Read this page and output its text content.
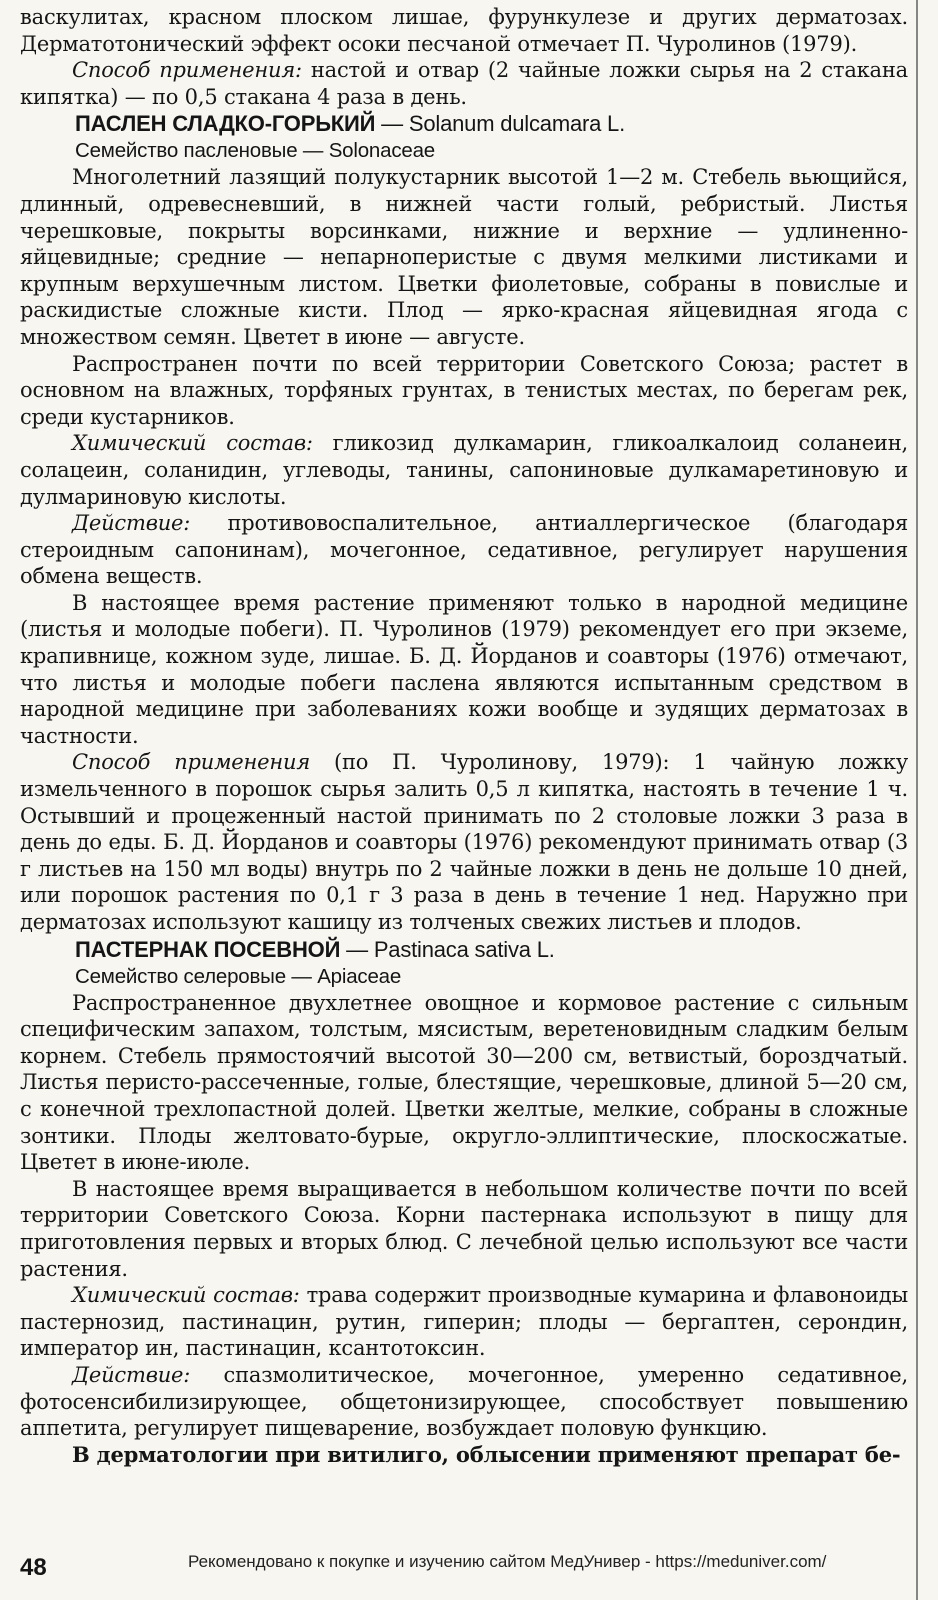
васкулитах, красном плоском лишае, фурункулезе и других дерматозах. Дерматотонический эффект осоки песчаной отмечает П. Чуролинов (1979).

Способ применения: настой и отвар (2 чайные ложки сырья на 2 стакана кипятка) — по 0,5 стакана 4 раза в день.

ПАСЛЕН СЛАДКО-ГОРЬКИЙ — Solanum dulcamara L.

Семейство пасленовые — Solonaceae

Многолетний лазящий полукустарник высотой 1—2 м. Стебель вьющийся, длинный, одревесневший, в нижней части голый, ребристый. Листья черешковые, покрыты ворсинками, нижние и верхние — удлиненно-яйцевидные; средние — непарноперистые с двумя мелкими листиками и крупным верхушечным листом. Цветки фиолетовые, собраны в повислые и раскидистые сложные кисти. Плод — ярко-красная яйцевидная ягода с множеством семян. Цветет в июне — августе.

Распространен почти по всей территории Советского Союза; растет в основном на влажных, торфяных грунтах, в тенистых местах, по берегам рек, среди кустарников.

Химический состав: гликозид дулкамарин, гликоалкалоид соланеин, солацеин, соланидин, углеводы, танины, сапониновые дулкамаретиновую и дулмариновую кислоты.

Действие: противовоспалительное, антиаллергическое (благодаря стероидным сапонинам), мочегонное, седативное, регулирует нарушения обмена веществ.

В настоящее время растение применяют только в народной медицине (листья и молодые побеги). П. Чуролинов (1979) рекомендует его при экземе, крапивнице, кожном зуде, лишае. Б. Д. Йорданов и соавторы (1976) отмечают, что листья и молодые побеги паслена являются испытанным средством в народной медицине при заболеваниях кожи вообще и зудящих дерматозах в частности.

Способ применения (по П. Чуролинову, 1979): 1 чайную ложку измельченного в порошок сырья залить 0,5 л кипятка, настоять в течение 1 ч. Остывший и процеженный настой принимать по 2 столовые ложки 3 раза в день до еды. Б. Д. Йорданов и соавторы (1976) рекомендуют принимать отвар (3 г листьев на 150 мл воды) внутрь по 2 чайные ложки в день не дольше 10 дней, или порошок растения по 0,1 г 3 раза в день в течение 1 нед. Наружно при дерматозах используют кашицу из толченых свежих листьев и плодов.

ПАСТЕРНАК ПОСЕВНОЙ — Pastinaca sativa L.

Семейство селеровые — Apiaceae

Распространенное двухлетнее овощное и кормовое растение с сильным специфическим запахом, толстым, мясистым, веретеновидным сладким белым корнем. Стебель прямостоячий высотой 30—200 см, ветвистый, бороздчатый. Листья перисто-рассеченные, голые, блестящие, черешковые, длиной 5—20 см, с конечной трехлопастной долей. Цветки желтые, мелкие, собраны в сложные зонтики. Плоды желтовато-бурые, округло-эллиптические, плоскосжатые. Цветет в июне-июле.

В настоящее время выращивается в небольшом количестве почти по всей территории Советского Союза. Корни пастернака используют в пищу для приготовления первых и вторых блюд. С лечебной целью используют все части растения.

Химический состав: трава содержит производные кумарина и флавоноиды пастернозид, пастинацин, рутин, гиперин; плоды — бергаптен, серондин, император ин, пастинацин, ксантотоксин.

Действие: спазмолитическое, мочегонное, умеренно седативное, фотосенсибилизирующее, общетонизирующее, способствует повышению аппетита, регулирует пищеварение, возбуждает половую функцию.

В дерматологии при витилиго, облысении применяют препарат бе-

48	Рекомендовано к покупке и изучению сайтом МедУнивер - https://meduniver.com/
